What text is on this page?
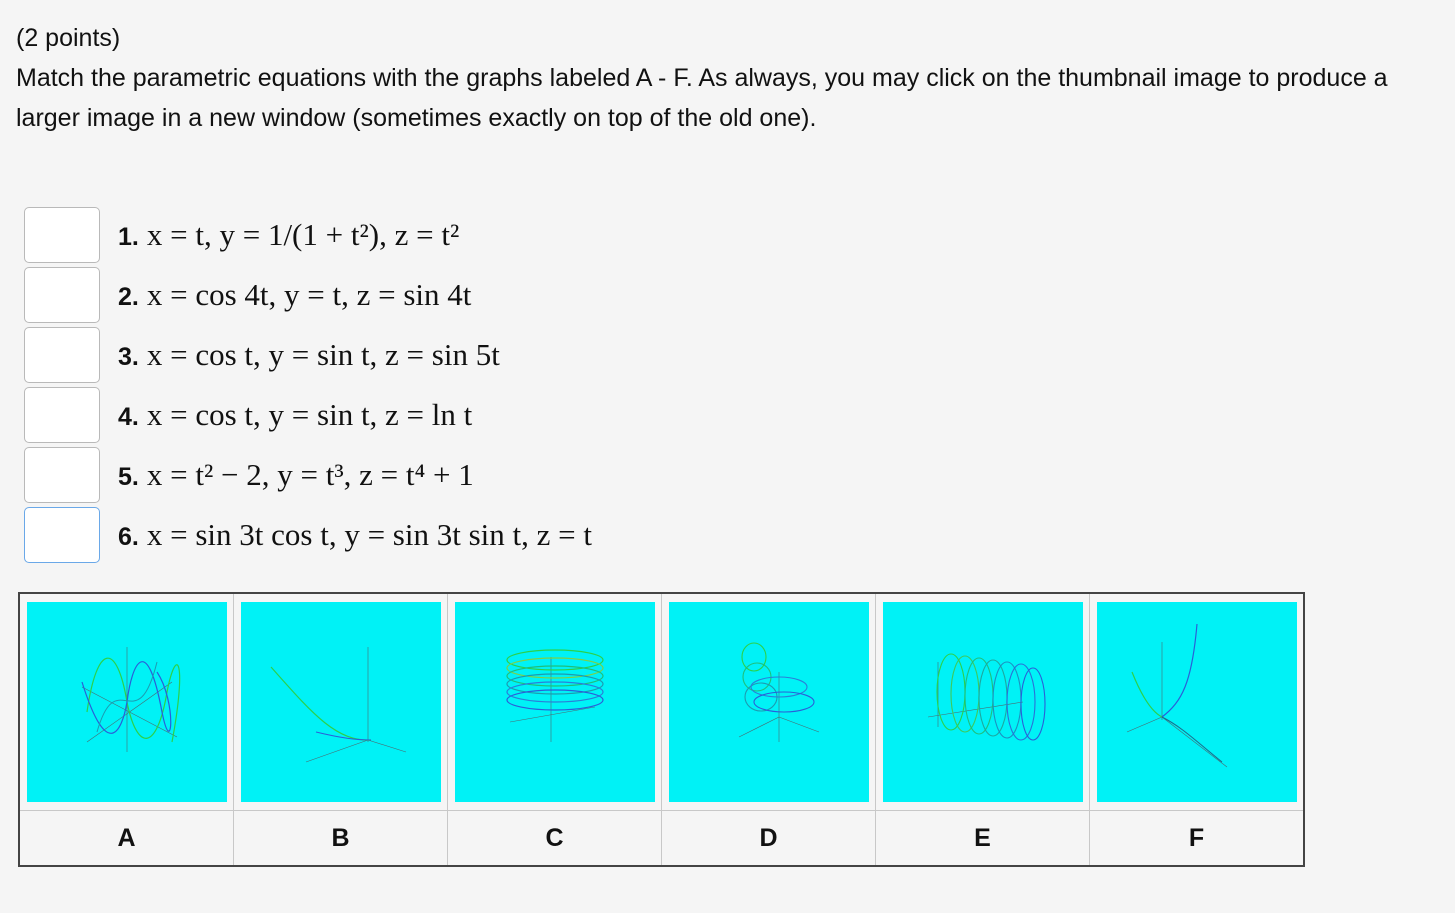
(2 points)

Match the parametric equations with the graphs labeled A - F. As always, you may click on the thumbnail image to produce a larger image in a new window (sometimes exactly on top of the old one).

1. x = t, y = 1/(1 + t²), z = t²
2. x = cos 4t, y = t, z = sin 4t
3. x = cos t, y = sin t, z = sin 5t
4. x = cos t, y = sin t, z = ln t
5. x = t² − 2, y = t³, z = t⁴ + 1
6. x = sin 3t cos t, y = sin 3t sin t, z = t

A	B	C	D	E	F
